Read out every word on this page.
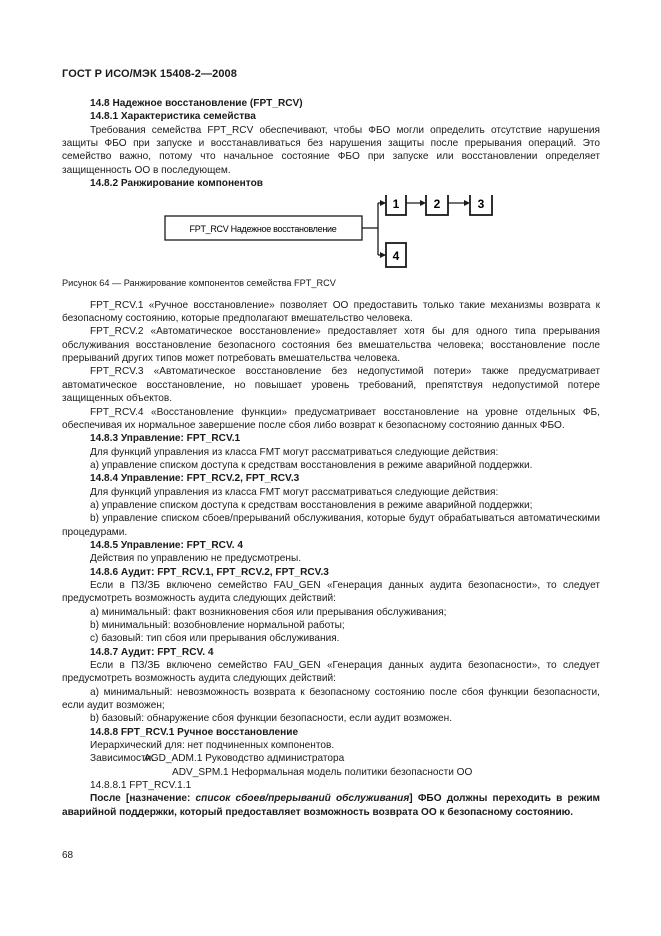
ГОСТ Р ИСО/МЭК 15408-2—2008

14.8 Надежное восстановление (FPT_RCV)

14.8.1 Характеристика семейства

Требования семейства FPT_RCV обеспечивают, чтобы ФБО могли определить отсутствие нарушения защиты ФБО при запуске и восстанавливаться без нарушения защиты после прерывания операций. Это семейство важно, потому что начальное состояние ФБО при запуске или восстановлении определяет защищенность ОО в последующем.

14.8.2 Ранжирование компонентов

FPT_RCV Надежное восстановление
1	2	3
4

Рисунок 64 — Ранжирование компонентов семейства FPT_RCV

FPT_RCV.1 «Ручное восстановление» позволяет ОО предоставить только такие механизмы возврата к безопасному состоянию, которые предполагают вмешательство человека.

FPT_RCV.2 «Автоматическое восстановление» предоставляет хотя бы для одного типа прерывания обслуживания восстановление безопасного состояния без вмешательства человека; восстановление после прерываний других типов может потребовать вмешательства человека.

FPT_RCV.3 «Автоматическое восстановление без недопустимой потери» также предусматривает автоматическое восстановление, но повышает уровень требований, препятствуя недопустимой потере защищенных объектов.

FPT_RCV.4 «Восстановление функции» предусматривает восстановление на уровне отдельных ФБ, обеспечивая их нормальное завершение после сбоя либо возврат к безопасному состоянию данных ФБО.

14.8.3 Управление: FPT_RCV.1

Для функций управления из класса FMT могут рассматриваться следующие действия:

a) управление списком доступа к средствам восстановления в режиме аварийной поддержки.

14.8.4 Управление: FPT_RCV.2, FPT_RCV.3

Для функций управления из класса FMT могут рассматриваться следующие действия:

a) управление списком доступа к средствам восстановления в режиме аварийной поддержки;

b) управление списком сбоев/прерываний обслуживания, которые будут обрабатываться автоматическими процедурами.

14.8.5 Управление: FPT_RCV. 4

Действия по управлению не предусмотрены.

14.8.6 Аудит: FPT_RCV.1, FPT_RCV.2, FPT_RCV.3

Если в ПЗ/ЗБ включено семейство FAU_GEN «Генерация данных аудита безопасности», то следует предусмотреть возможность аудита следующих действий:

a) минимальный: факт возникновения сбоя или прерывания обслуживания;

b) минимальный: возобновление нормальной работы;

c) базовый: тип сбоя или прерывания обслуживания.

14.8.7 Аудит: FPT_RCV. 4

Если в ПЗ/ЗБ включено семейство FAU_GEN «Генерация данных аудита безопасности», то следует предусмотреть возможность аудита следующих действий:

a) минимальный: невозможность возврата к безопасному состоянию после сбоя функции безопасности, если аудит возможен;

b) базовый: обнаружение сбоя функции безопасности, если аудит возможен.

14.8.8 FPT_RCV.1 Ручное восстановление

Иерархический для: нет подчиненных компонентов.

Зависимости:AGD_ADM.1 Руководство администратора

ADV_SPM.1 Неформальная модель политики безопасности ОО

14.8.8.1 FPT_RCV.1.1

После [назначение: список сбоев/прерываний обслуживания] ФБО должны переходить в режим аварийной поддержки, который предоставляет возможность возврата ОО к безопасному состоянию.

68
